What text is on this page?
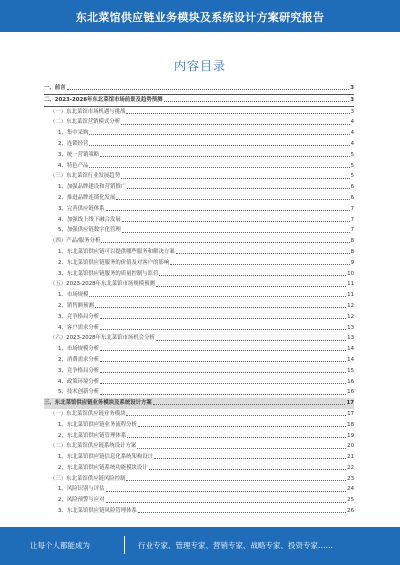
东北菜馆供应链业务模块及系统设计方案研究报告
内容目录
一、前言	3
二、2023-2028年东北菜馆市场前景及趋势预测	3
（一）东北菜馆市场机遇与挑战	3
（二）东北菜馆营销模式分析	4
1、集中采购	4
2、连锁经营	4
3、统一营销策略	5
4、特色产品	5
（三）东北菜馆行业发展趋势	5
1、加强品牌建设和营销推广	6
2、推进品牌连锁化发展	6
3、完善供应链体系	7
4、加强线上线下融合发展	7
5、加强供应链数字化管理	7
（四）产品/服务分析	8
1、东北菜馆供应链可以提供哪些服务和解决方案	8
2、东北菜馆供应链服务的价值及对客户的影响	9
3、东北菜馆供应链服务的质量控制与监管	10
（五）2023-2028年东北菜馆市场规模预测	11
1、市场规模	11
2、销售额预测	12
3、竞争格局分析	12
4、客户需求分析	13
（六）2023-2028年东北菜馆市场机会分析	13
1、市场规模分析	14
2、消费需求分析	14
3、竞争格局分析	15
4、政策环境分析	16
5、技术创新分析	16
三、东北菜馆供应链业务模块及系统设计方案	17
（一）东北菜馆供应链业务模块	17
1、东北菜馆供应链业务流程分析	18
2、东北菜馆供应链管理体系	19
（二）东北菜馆供应链系统设计方案	20
1、东北菜馆供应链信息化系统架构设计	21
2、东北菜馆供应链系统功能模块设计	22
（三）东北菜馆供应链风险控制	23
1、风险识别与评估	24
2、风险预警与应对	25
3、东北菜馆供应链风险管理体系	26
让每个人都能成为	行业专家、管理专家、营销专家、战略专家、投资专家……
